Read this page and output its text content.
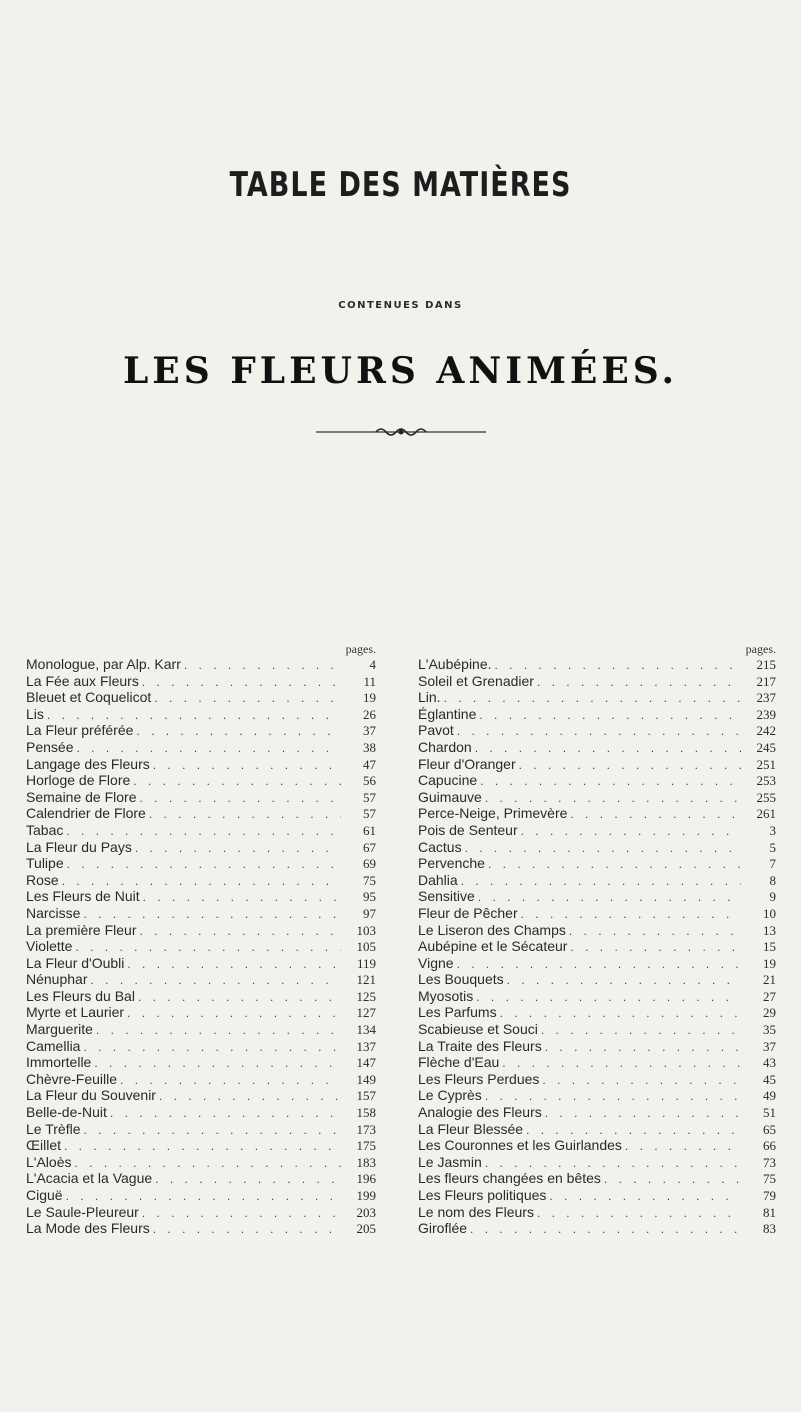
TABLE DES MATIÈRES
CONTENUES DANS
LES FLEURS ANIMÉES.
pages.
Monologue, par Alp. Karr . . .	4
La Fée aux Fleurs . . .	11
Bleuet et Coquelicot . . .	19
Lis . . .	26
La Fleur préférée . . .	37
Pensée . . .	38
Langage des Fleurs . . .	47
Horloge de Flore . . .	56
Semaine de Flore . . .	57
Calendrier de Flore . . .	57
Tabac . . .	61
La Fleur du Pays . . .	67
Tulipe . . .	69
Rose . . .	75
Les Fleurs de Nuit . . .	95
Narcisse . . .	97
La première Fleur . . .	103
Violette . . .	105
La Fleur d'Oubli . . .	119
Nénuphar . . .	121
Les Fleurs du Bal . . .	125
Myrte et Laurier . . .	127
Marguerite . . .	134
Camellia . . .	137
Immortelle . . .	147
Chèvre-Feuille . . .	149
La Fleur du Souvenir . . .	157
Belle-de-Nuit . . .	158
Le Trèfle . . .	173
Œillet . . .	175
L'Aloès . . .	183
L'Acacia et la Vague . . .	196
Ciguë . . .	199
Le Saule-Pleureur . . .	203
La Mode des Fleurs . . .	205
pages.
L'Aubépine. . . .	215
Soleil et Grenadier . . .	217
Lin. . . .	237
Églantine . . .	239
Pavot . . .	242
Chardon . . .	245
Fleur d'Oranger . . .	251
Capucine . . .	253
Guimauve . . .	255
Perce-Neige, Primevère . . .	261
Pois de Senteur . . .	3
Cactus . . .	5
Pervenche . . .	7
Dahlia . . .	8
Sensitive . . .	9
Fleur de Pêcher . . .	10
Le Liseron des Champs . . .	13
Aubépine et le Sécateur . . .	15
Vigne . . .	19
Les Bouquets . . .	21
Myosotis . . .	27
Les Parfums . . .	29
Scabieuse et Souci . . .	35
La Traite des Fleurs . . .	37
Flèche d'Eau . . .	43
Les Fleurs Perdues . . .	45
Le Cyprès . . .	49
Analogie des Fleurs . . .	51
La Fleur Blessée . . .	65
Les Couronnes et les Guirlandes . . .	66
Le Jasmin . . .	73
Les fleurs changées en bêtes . . .	75
Les Fleurs politiques . . .	79
Le nom des Fleurs . . .	81
Giroflée . . .	83
